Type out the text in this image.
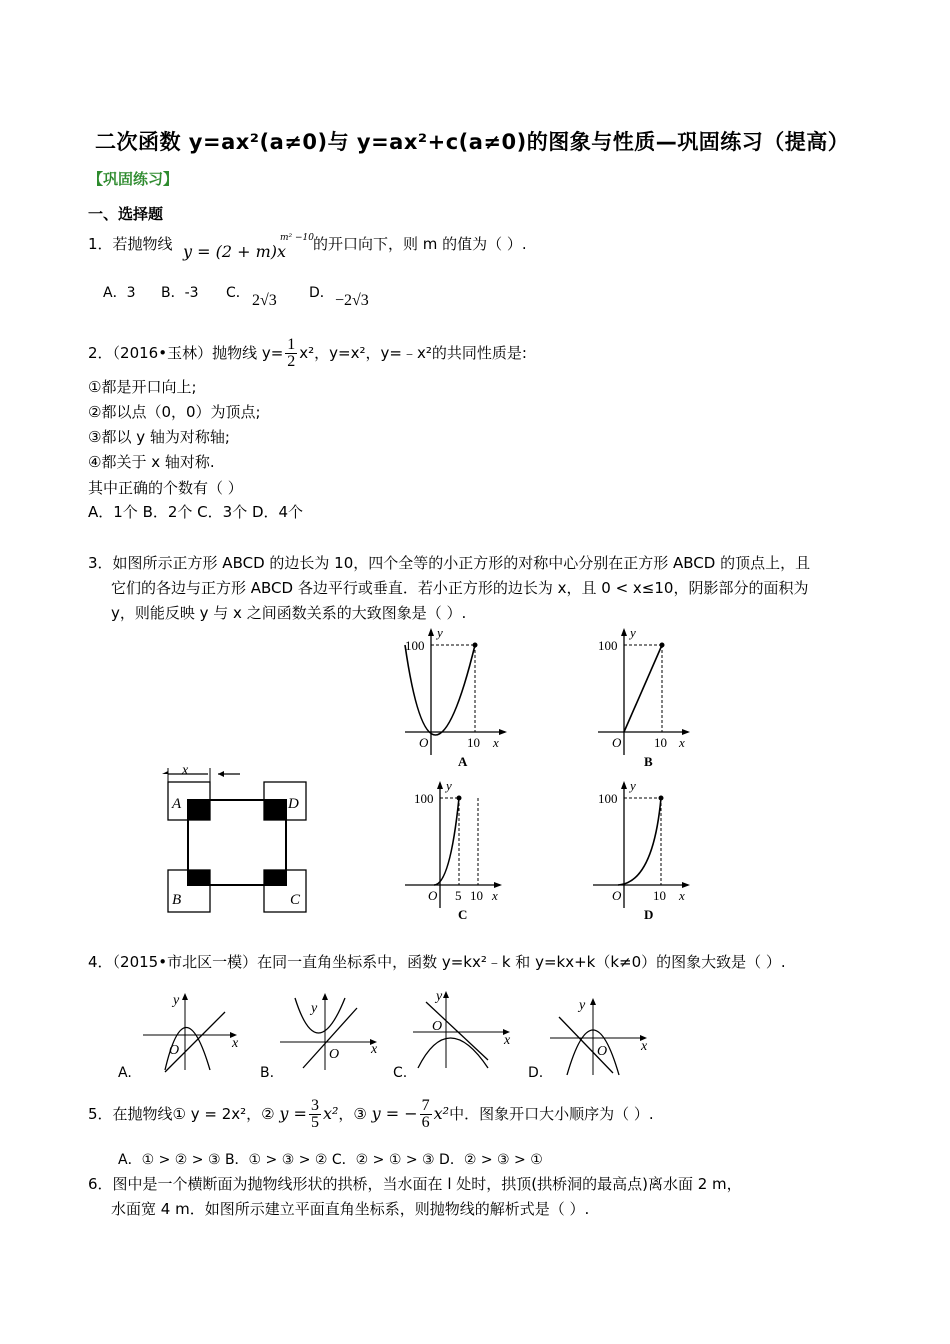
二次函数 y=ax²(a≠0)与 y=ax²+c(a≠0)的图象与性质—巩固练习（提高）
【巩固练习】
一、选择题
1．若抛物线 y = (2 + m)x
m² −10 的开口向下，则 m 的值为（ ）.
A．3 B．-3 C． 2√3 D． −2√3
2．（2016•玉林）抛物线 $y= \frac{1}{2} x^2$，y=x²，y=﹣x²的共同性质是:
①都是开口向上;
②都以点（0，0）为顶点;
③都以 y 轴为对称轴;
④都关于 x 轴对称.
其中正确的个数有（ ）
A．1个 B．2个 C．3个 D．4个
3．如图所示正方形 ABCD 的边长为 10，四个全等的小正方形的对称中心分别在正方形 ABCD 的顶点上，且
它们的各边与正方形 ABCD 各边平行或垂直．若小正方形的边长为 x，且 0 < x≤10，阴影部分的面积为
y，则能反映 y 与 x 之间函数关系的大致图象是（ ）.
x
A	D
B	C
y
x
100
O	10
A
y
x
100
O	10
B
y
x
100
O 5 10
C
y
x
100
O 10
D
4．（2015•市北区一模）在同一直角坐标系中，函数 y=kx²﹣k 和 y=kx+k（k≠0）的图象大致是（ ）.
y
x
O
A.
y
x
O
B.
y
x
O
C.
y
x
O
D.
5．在抛物线① y = 2x²，② $y = \frac{3}{5} x^2$，③ y = − $\frac{7}{6} x^2$中．图象开口大小顺序为（ ）.
A．① > ② > ③ B．① > ③ > ② C．② > ① > ③ D．② > ③ > ①
6．图中是一个横断面为抛物线形状的拱桥，当水面在 l 处时，拱顶(拱桥洞的最高点)离水面 2 m，
水面宽 4 m．如图所示建立平面直角坐标系，则抛物线的解析式是（ ）.
